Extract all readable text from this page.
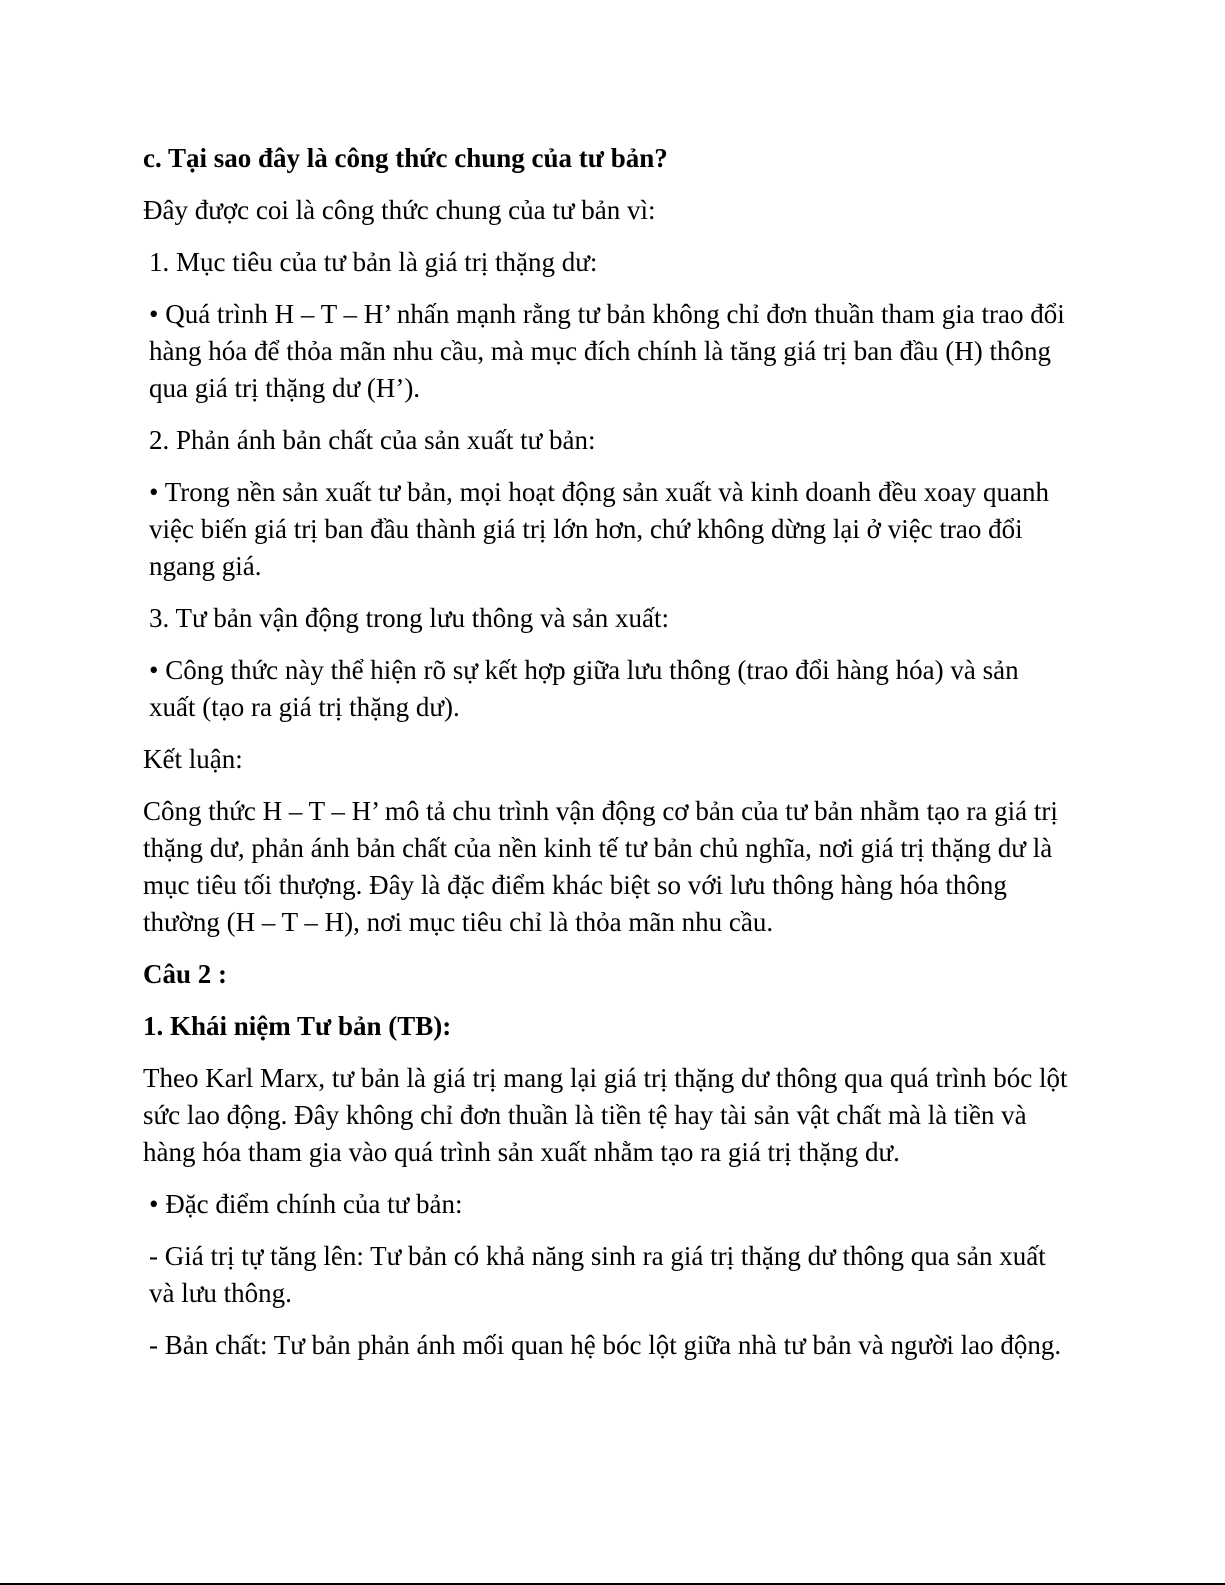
c. Tại sao đây là công thức chung của tư bản?

Đây được coi là công thức chung của tư bản vì:

1. Mục tiêu của tư bản là giá trị thặng dư:

• Quá trình H – T – H’ nhấn mạnh rằng tư bản không chỉ đơn thuần tham gia trao đổi hàng hóa để thỏa mãn nhu cầu, mà mục đích chính là tăng giá trị ban đầu (H) thông qua giá trị thặng dư (H’).

2. Phản ánh bản chất của sản xuất tư bản:

• Trong nền sản xuất tư bản, mọi hoạt động sản xuất và kinh doanh đều xoay quanh việc biến giá trị ban đầu thành giá trị lớn hơn, chứ không dừng lại ở việc trao đổi ngang giá.

3. Tư bản vận động trong lưu thông và sản xuất:

• Công thức này thể hiện rõ sự kết hợp giữa lưu thông (trao đổi hàng hóa) và sản xuất (tạo ra giá trị thặng dư).

Kết luận:

Công thức H – T – H’ mô tả chu trình vận động cơ bản của tư bản nhằm tạo ra giá trị thặng dư, phản ánh bản chất của nền kinh tế tư bản chủ nghĩa, nơi giá trị thặng dư là mục tiêu tối thượng. Đây là đặc điểm khác biệt so với lưu thông hàng hóa thông thường (H – T – H), nơi mục tiêu chỉ là thỏa mãn nhu cầu.

Câu 2 :

1. Khái niệm Tư bản (TB):

Theo Karl Marx, tư bản là giá trị mang lại giá trị thặng dư thông qua quá trình bóc lột sức lao động. Đây không chỉ đơn thuần là tiền tệ hay tài sản vật chất mà là tiền và hàng hóa tham gia vào quá trình sản xuất nhằm tạo ra giá trị thặng dư.

• Đặc điểm chính của tư bản:

- Giá trị tự tăng lên: Tư bản có khả năng sinh ra giá trị thặng dư thông qua sản xuất và lưu thông.

- Bản chất: Tư bản phản ánh mối quan hệ bóc lột giữa nhà tư bản và người lao động.
